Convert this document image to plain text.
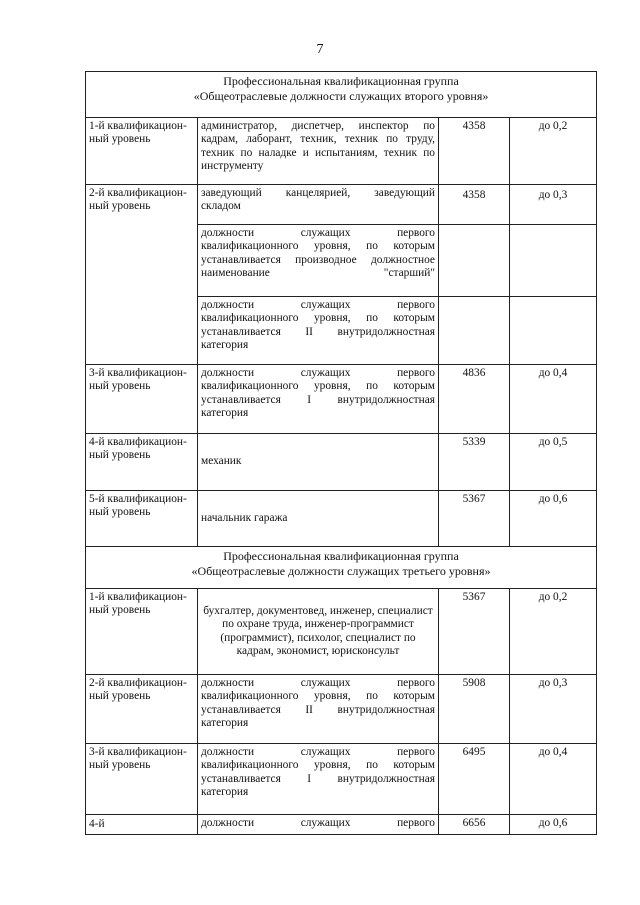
7
Профессиональная квалификационная группа
«Общеотраслевые должности служащих второго уровня»			

1-й квалификацион-ный уровень	администратор, диспетчер, инспектор по кадрам, лаборант, техник, техник по труду, техник по наладке и испытаниям, техник по инструменту	4358	до 0,2
2-й квалификацион-ный уровень	заведующий канцелярией, заведующий складом	4358	до 0,3
	должности служащих первого квалификационного уровня, по которым устанавливается производное должностное наименование "старший"		
	должности служащих первого квалификационного уровня, по которым устанавливается II внутридолжностная категория		
3-й квалификацион-ный уровень	должности служащих первого квалификационного уровня, по которым устанавливается I внутридолжностная категория	4836	до 0,4
4-й квалификацион-ный уровень	механик	5339	до 0,5
5-й квалификацион-ный уровень	начальник гаража	5367	до 0,6

Профессиональная квалификационная группа
«Общеотраслевые должности служащих третьего уровня»			

1-й квалификацион-ный уровень	бухгалтер, документовед, инженер, специалист по охране труда, инженер-программист (программист), психолог, специалист по кадрам, экономист, юрисконсульт	5367	до 0,2
2-й квалификацион-ный уровень	должности служащих первого квалификационного уровня, по которым устанавливается II внутридолжностная категория	5908	до 0,3
3-й квалификацион-ный уровень	должности служащих первого квалификационного уровня, по которым устанавливается I внутридолжностная категория	6495	до 0,4
4-й	должности служащих первого	6656	до 0,6
